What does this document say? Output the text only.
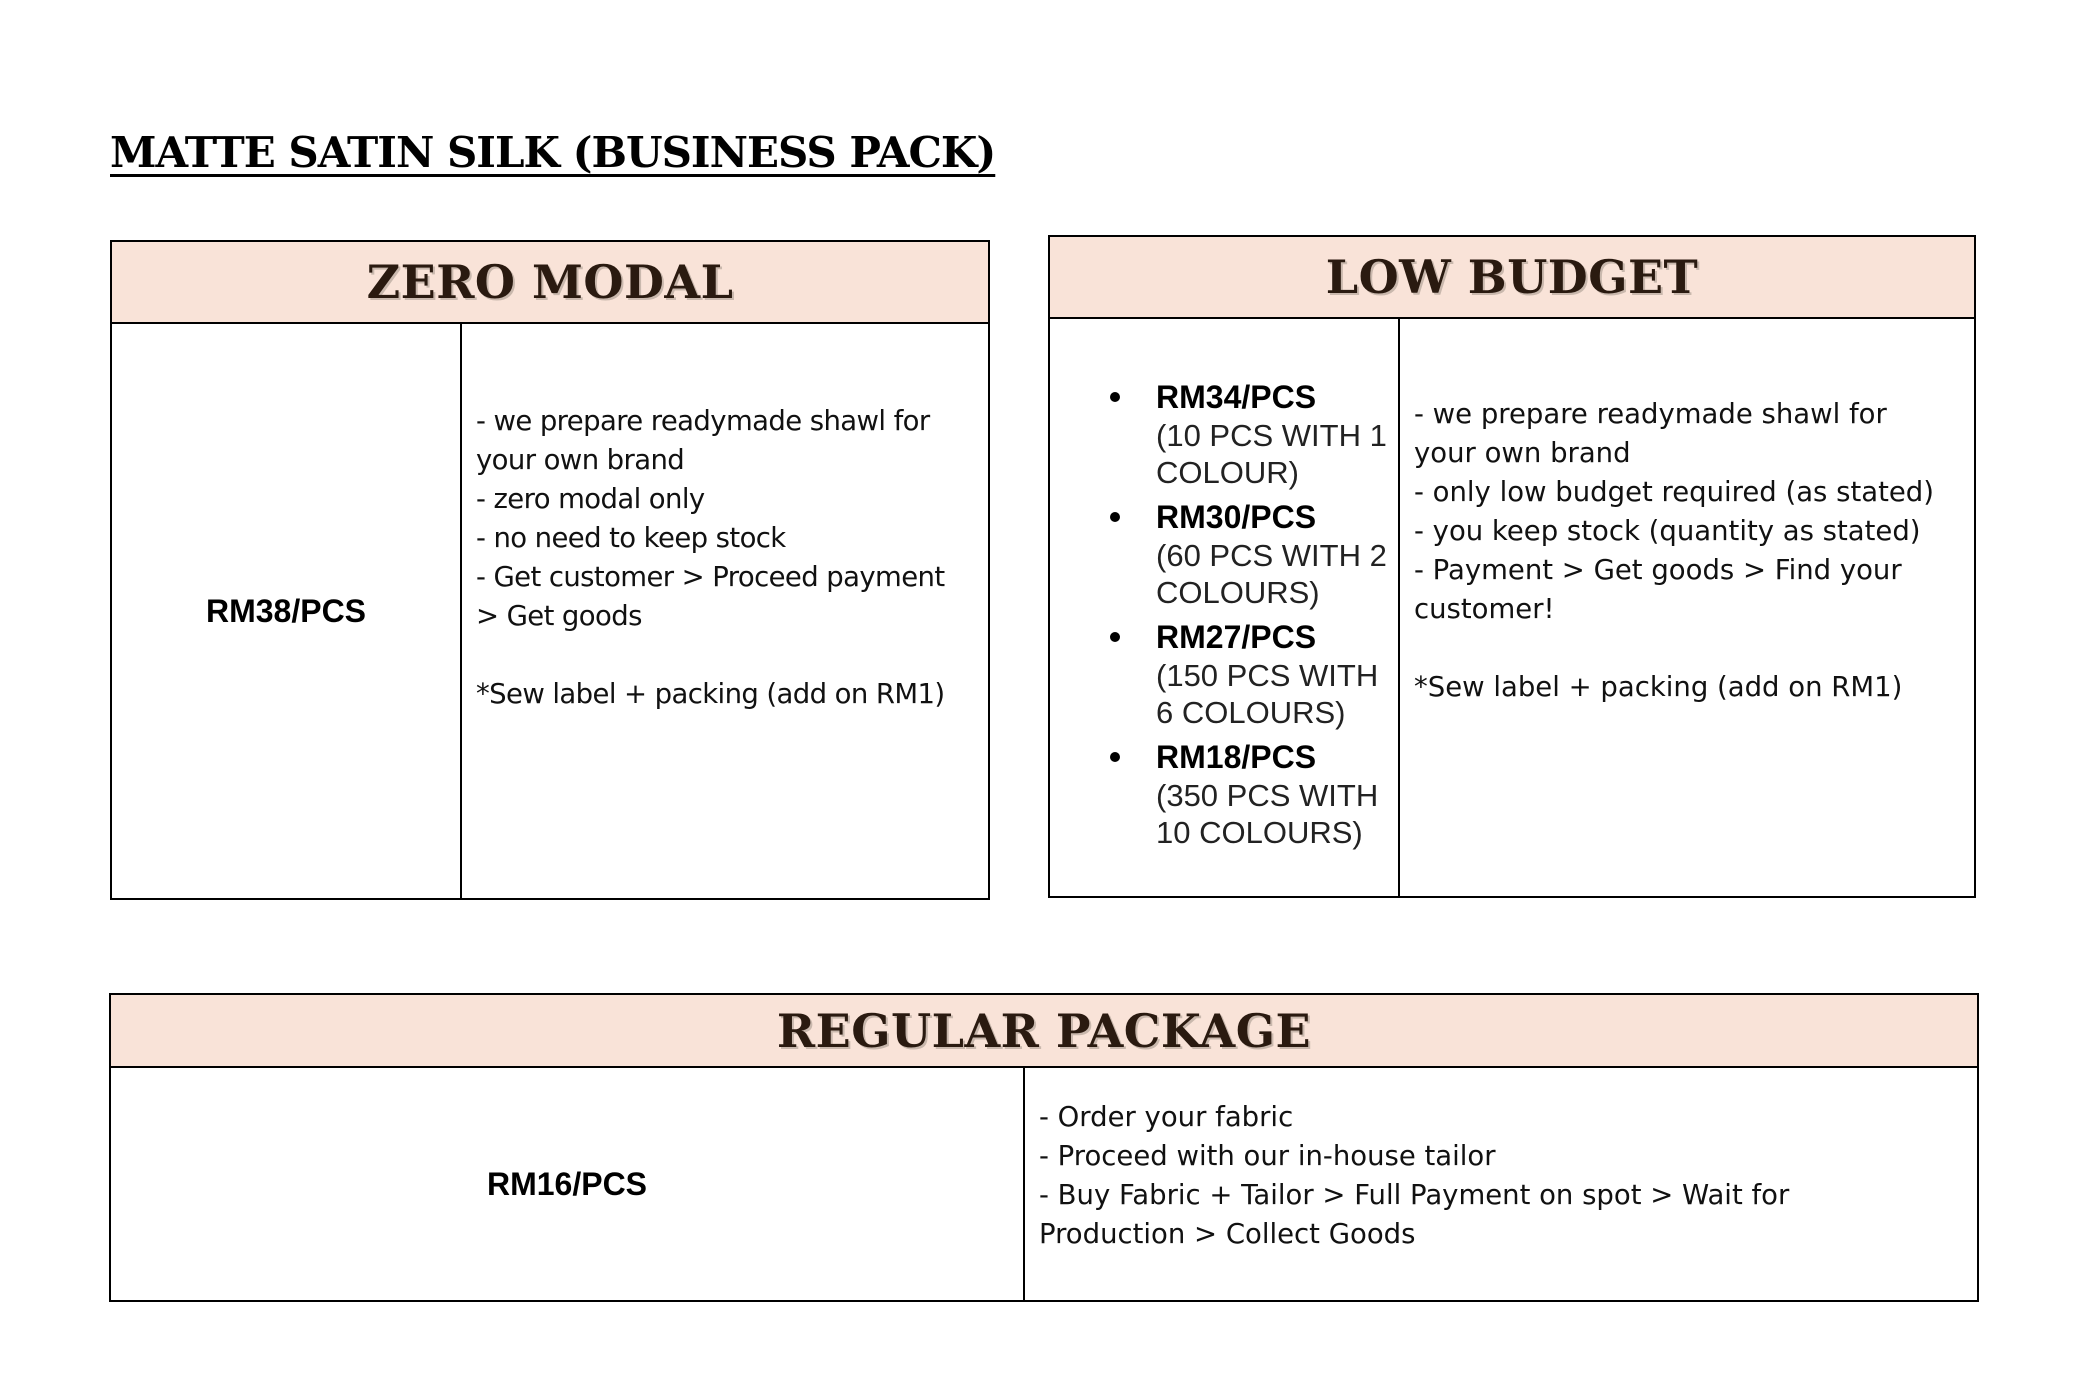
MATTE SATIN SILK (BUSINESS PACK)
ZERO MODAL
RM38/PCS
- we prepare readymade shawl for your own brand
- zero modal only
- no need to keep stock
- Get customer > Proceed payment > Get goods
*Sew label + packing (add on RM1)
LOW BUDGET
RM34/PCS
(10 PCS WITH 1 COLOUR)
RM30/PCS
(60 PCS WITH 2 COLOURS)
RM27/PCS
(150 PCS WITH 6 COLOURS)
RM18/PCS
(350 PCS WITH 10 COLOURS)
- we prepare readymade shawl for your own brand
- only low budget required (as stated)
- you keep stock (quantity as stated)
- Payment > Get goods > Find your customer!
*Sew label + packing (add on RM1)
REGULAR PACKAGE
RM16/PCS
- Order your fabric
- Proceed with our in-house tailor
- Buy Fabric + Tailor > Full Payment on spot > Wait for Production > Collect Goods
